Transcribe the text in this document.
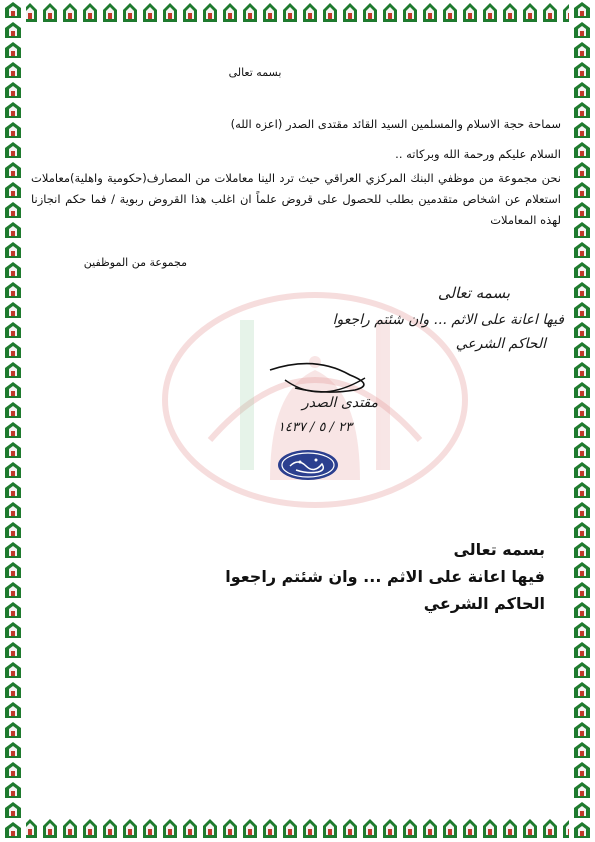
بسمه تعالى
سماحة حجة الاسلام والمسلمين السيد القائد مقتدى الصدر (اعزه الله)
السلام عليكم ورحمة الله وبركاته ..
نحن مجموعة من موظفي البنك المركزي العراقي حيث ترد الينا معاملات من المصارف(حكومية واهلية)معاملات استعلام عن اشخاص متقدمين بطلب للحصول على قروض علماً ان اغلب هذا القروض ربوية / فما حكم انجازنا لهذه المعاملات
مجموعة من الموظفين
بسمه تعالى
فيها اعانة على الاثم ... وان شئتم راجعوا
الحاكم الشرعي
مقتدى الصدر
٢٣ / ٥ / ١٤٣٧
بسمه تعالى
فيها اعانة على الاثم ... وان شئتم راجعوا
الحاكم الشرعي
